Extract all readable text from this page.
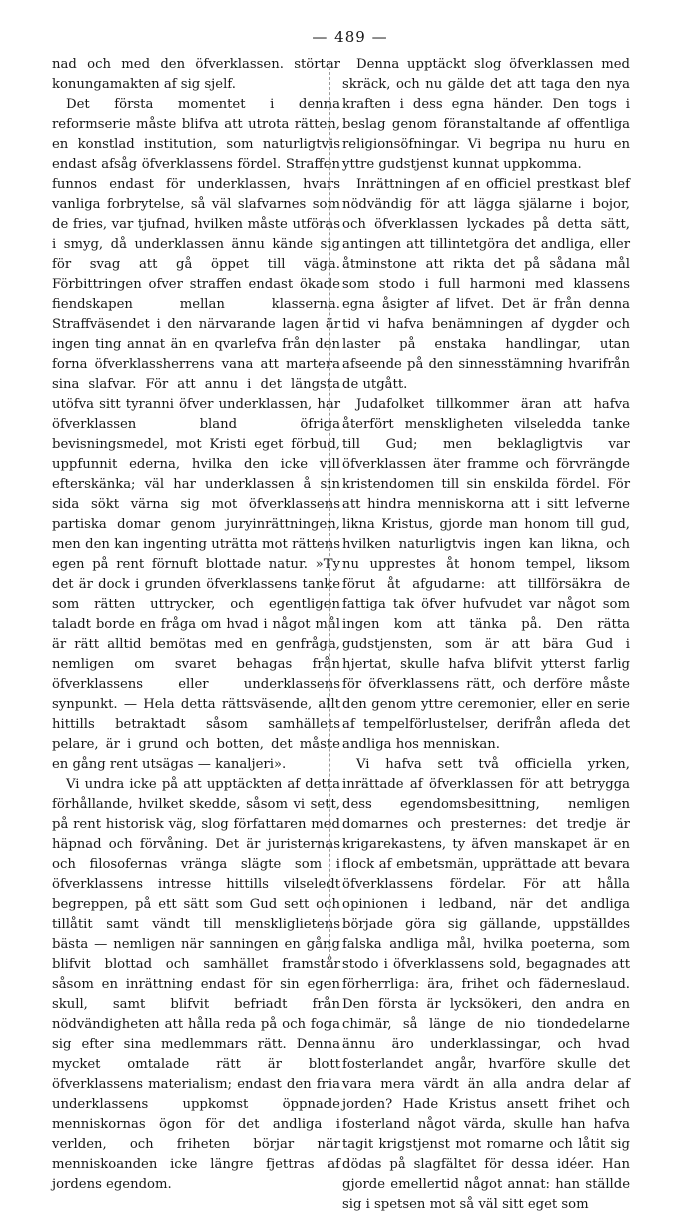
— 489 —

nad och med den öfverklassen. störtar konungamakten af sig sjelf.

Det första momentet i denna reformserie måste blifva att utrota rätten, en konstlad institution, som naturligtvis endast afsåg öfverklassens fördel. Straffen funnos endast för underklassen, hvars vanliga forbrytelse, så väl slafvarnes som de fries, var tjufnad, hvilken måste utföras i smyg, då underklassen ännu kände sig för svag att gå öppet till väga. Förbittringen ofver straffen endast ökade fiendskapen mellan klasserna. Straffväsendet i den närvarande lagen är ingen ting annat än en qvarlefva från den forna öfverklassherrens vana att martera sina slafvar. För att annu i det längsta utöfva sitt tyranni öfver underklassen, har öfverklassen bland öfriga bevisningsmedel, mot Kristi eget förbud, uppfunnit ederna, hvilka den icke vill efterskänka; väl har underklassen å sin sida sökt värna sig mot öfverklassens partiska domar genom juryinrättningen, men den kan ingenting uträtta mot rättens egen på rent förnuft blottade natur. »Ty det är dock i grunden öfverklassens tanke som rätten uttrycker, och egentligen taladt borde en fråga om hvad i något mål är rätt alltid bemötas med en genfråga, nemligen om svaret behagas från öfverklassens eller underklassens synpunkt. — Hela detta rättsväsende, allt hittills betraktadt såsom samhällets pelare, är i grund och botten, det måste en gång rent utsägas — kanaljeri».

Vi undra icke på att upptäckten af detta förhållande, hvilket skedde, såsom vi sett, på rent historisk väg, slog författaren med häpnad och förvåning. Det är juristernas och filosofernas vränga slägte som i öfverklassens intresse hittills vilseledt begreppen, på ett sätt som Gud sett och tillåtit samt vändt till menskliglietens bästa — nemligen när sanningen en gång blifvit blottad och samhället framstår såsom en inrättning endast för sin egen skull, samt blifvit befriadt från nödvändigheten att hålla reda på och foga sig efter sina medlemmars rätt. Denna mycket omtalade rätt är blott öfverklassens materialism; endast den fria underklassens uppkomst öppnade menniskornas ögon för det andliga i verlden, och friheten börjar när menniskoanden icke längre fjettras af jordens egendom.

Denna upptäckt slog öfverklassen med skräck, och nu gälde det att taga den nya kraften i dess egna händer. Den togs i beslag genom föranstaltande af offentliga religionsöfningar. Vi begripa nu huru en yttre gudstjenst kunnat uppkomma.

Inrättningen af en officiel prestkast blef nödvändig för att lägga själarne i bojor, och öfverklassen lyckades på detta sätt, antingen att tillintetgöra det andliga, eller åtminstone att rikta det på sådana mål som stodo i full harmoni med klassens egna åsigter af lifvet. Det är från denna tid vi hafva benämningen af dygder och laster på enstaka handlingar, utan afseende på den sinnesstämning hvarifrån de utgått.

Judafolket tillkommer äran att hafva återfört menskligheten vilseledda tanke till Gud; men beklagligtvis var öfverklassen äter framme och förvrängde kristendomen till sin enskilda fördel. För att hindra menniskorna att i sitt lefverne likna Kristus, gjorde man honom till gud, hvilken naturligtvis ingen kan likna, och nu upprestes åt honom tempel, liksom förut åt afgudarne: att tillförsäkra de fattiga tak öfver hufvudet var något som ingen kom att tänka på. Den rätta gudstjensten, som är att bära Gud i hjertat, skulle hafva blifvit ytterst farlig för öfverklassens rätt, och derföre måste den genom yttre ceremonier, eller en serie af tempelförlustelser, derifrån afleda det andliga hos menniskan.

Vi hafva sett två officiella yrken, inrättade af öfverklassen för att betrygga dess egendomsbesittning, nemligen domarnes och presternes: det tredje är krigarekastens, ty äfven manskapet är en flock af embetsmän, upprättade att bevara öfverklassens fördelar. För att hålla opinionen i ledband, när det andliga började göra sig gällande, uppställdes falska andliga mål, hvilka poeterna, som stodo i öfverklassens sold, begagnades att förherrliga: ära, frihet och fäderneslaud. Den första är lycksökeri, den andra en chimär, så länge de nio tiondedelarne ännu äro underklassingar, och hvad fosterlandet angår, hvarföre skulle det vara mera värdt än alla andra delar af jorden? Hade Kristus ansett frihet och fosterland något värda, skulle han hafva tagit krigstjenst mot romarne och låtit sig dödas på slagfältet för dessa idéer. Han gjorde emellertid något annat: han ställde sig i spetsen mot så väl sitt eget som
